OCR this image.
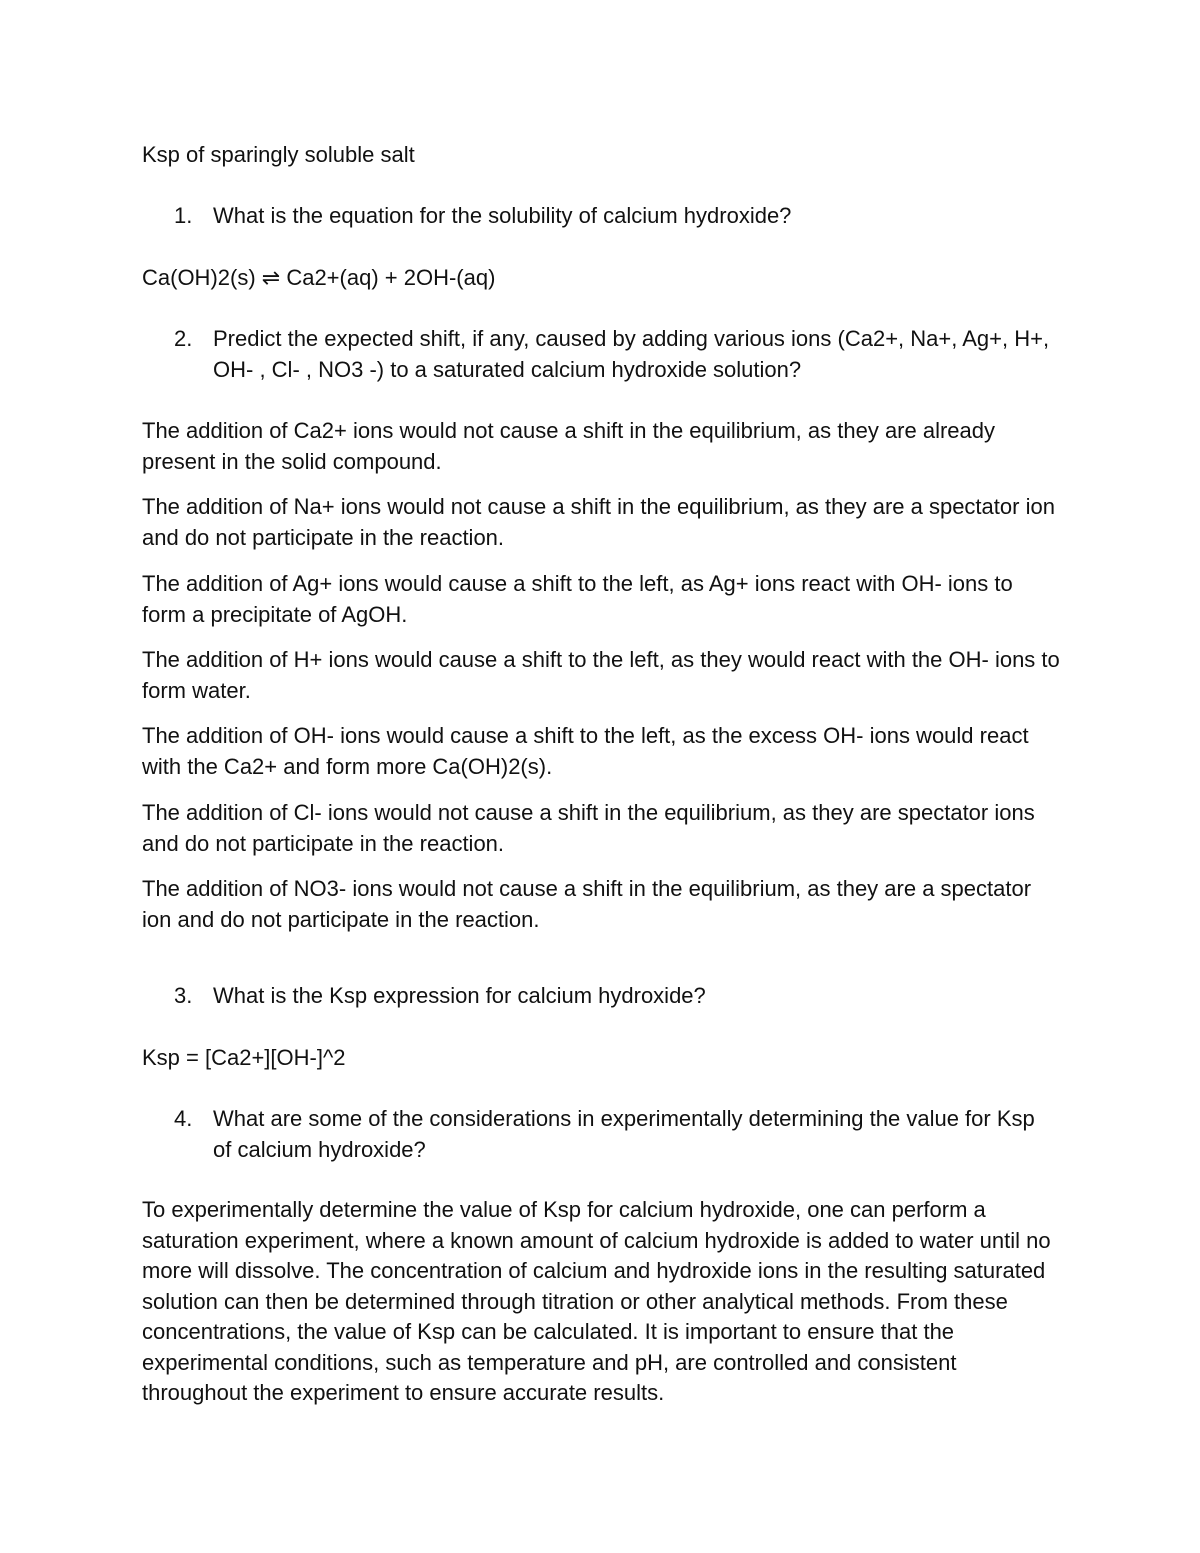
Ksp of sparingly soluble salt

1. What is the equation for the solubility of calcium hydroxide?

Ca(OH)2(s) ⇌ Ca2+(aq) + 2OH-(aq)

2. Predict the expected shift, if any, caused by adding various ions (Ca2+, Na+, Ag+, H+, OH- , Cl- , NO3 -) to a saturated calcium hydroxide solution?

The addition of Ca2+ ions would not cause a shift in the equilibrium, as they are already present in the solid compound.

The addition of Na+ ions would not cause a shift in the equilibrium, as they are a spectator ion and do not participate in the reaction.

The addition of Ag+ ions would cause a shift to the left, as Ag+ ions react with OH- ions to form a precipitate of AgOH.

The addition of H+ ions would cause a shift to the left, as they would react with the OH- ions to form water.

The addition of OH- ions would cause a shift to the left, as the excess OH- ions would react with the Ca2+ and form more Ca(OH)2(s).

The addition of Cl- ions would not cause a shift in the equilibrium, as they are spectator ions and do not participate in the reaction.

The addition of NO3- ions would not cause a shift in the equilibrium, as they are a spectator ion and do not participate in the reaction.

3. What is the Ksp expression for calcium hydroxide?

Ksp = [Ca2+][OH-]^2

4. What are some of the considerations in experimentally determining the value for Ksp of calcium hydroxide?

To experimentally determine the value of Ksp for calcium hydroxide, one can perform a saturation experiment, where a known amount of calcium hydroxide is added to water until no more will dissolve. The concentration of calcium and hydroxide ions in the resulting saturated solution can then be determined through titration or other analytical methods. From these concentrations, the value of Ksp can be calculated. It is important to ensure that the experimental conditions, such as temperature and pH, are controlled and consistent throughout the experiment to ensure accurate results.
